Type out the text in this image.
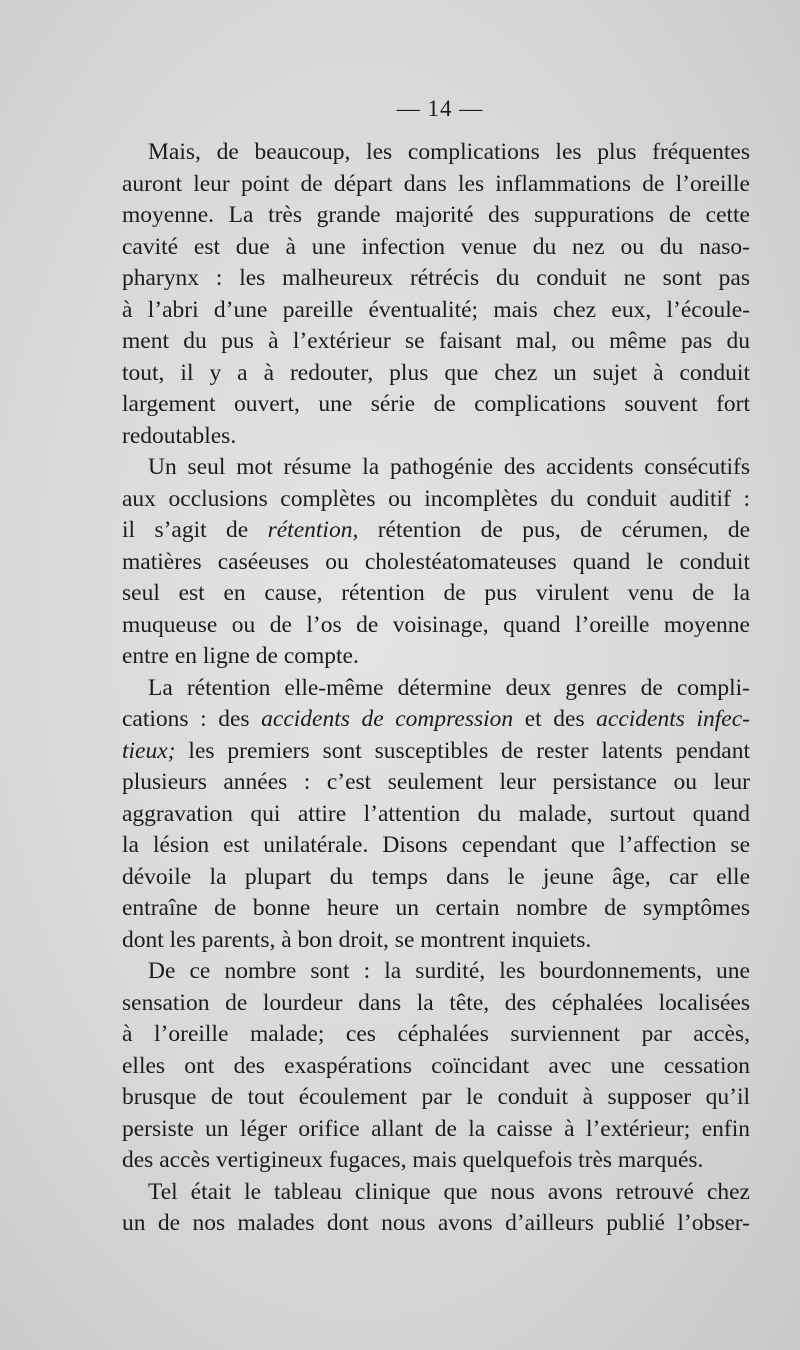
— 14 —
Mais, de beaucoup, les complications les plus fréquentes
auront leur point de départ dans les inflammations de l’oreille
moyenne. La très grande majorité des suppurations de cette
cavité est due à une infection venue du nez ou du naso-
pharynx : les malheureux rétrécis du conduit ne sont pas
à l’abri d’une pareille éventualité; mais chez eux, l’écoule-
ment du pus à l’extérieur se faisant mal, ou même pas du
tout, il y a à redouter, plus que chez un sujet à conduit
largement ouvert, une série de complications souvent fort
redoutables.
Un seul mot résume la pathogénie des accidents consécutifs
aux occlusions complètes ou incomplètes du conduit auditif :
il s’agit de rétention, rétention de pus, de cérumen, de
matières caséeuses ou cholestéatomateuses quand le conduit
seul est en cause, rétention de pus virulent venu de la
muqueuse ou de l’os de voisinage, quand l’oreille moyenne
entre en ligne de compte.
La rétention elle-même détermine deux genres de compli-
cations : des accidents de compression et des accidents infec-
tieux; les premiers sont susceptibles de rester latents pendant
plusieurs années : c’est seulement leur persistance ou leur
aggravation qui attire l’attention du malade, surtout quand
la lésion est unilatérale. Disons cependant que l’affection se
dévoile la plupart du temps dans le jeune âge, car elle
entraîne de bonne heure un certain nombre de symptômes
dont les parents, à bon droit, se montrent inquiets.
De ce nombre sont : la surdité, les bourdonnements, une
sensation de lourdeur dans la tête, des céphalées localisées
à l’oreille malade; ces céphalées surviennent par accès,
elles ont des exaspérations coïncidant avec une cessation
brusque de tout écoulement par le conduit à supposer qu’il
persiste un léger orifice allant de la caisse à l’extérieur; enfin
des accès vertigineux fugaces, mais quelquefois très marqués.
Tel était le tableau clinique que nous avons retrouvé chez
un de nos malades dont nous avons d’ailleurs publié l’obser-
